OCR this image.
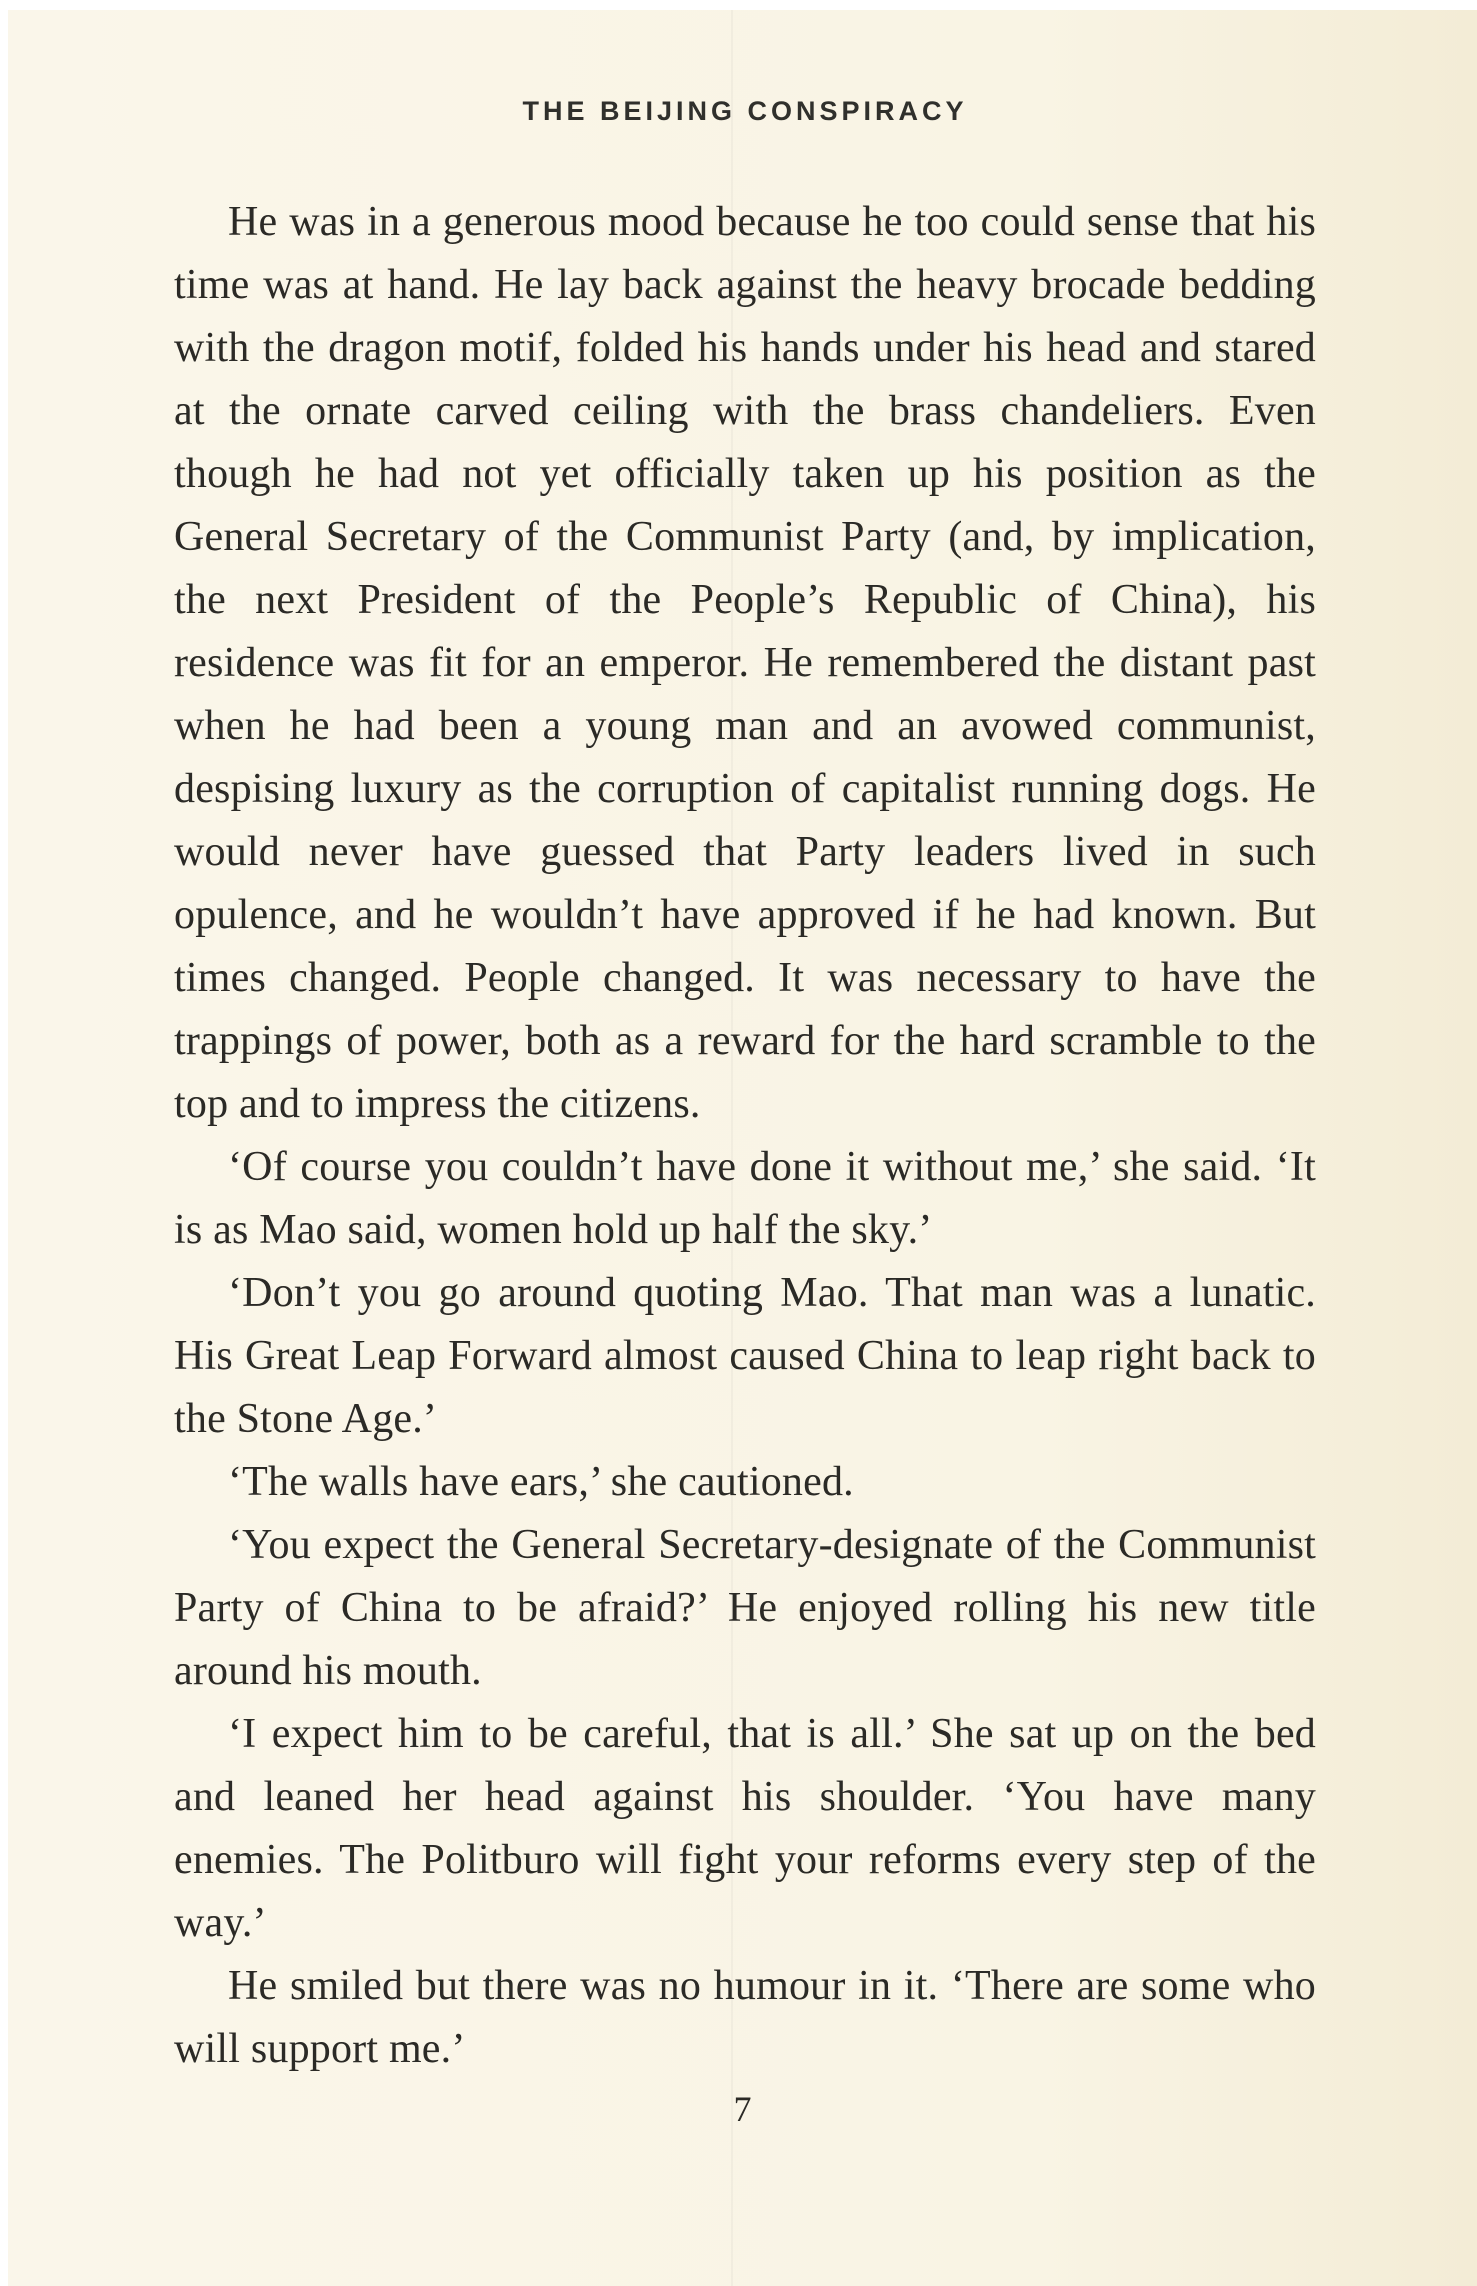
THE BEIJING CONSPIRACY

He was in a generous mood because he too could sense that his time was at hand. He lay back against the heavy brocade bedding with the dragon motif, folded his hands under his head and stared at the ornate carved ceiling with the brass chandeliers. Even though he had not yet officially taken up his position as the General Secretary of the Communist Party (and, by implication, the next President of the People’s Republic of China), his residence was fit for an emperor. He remembered the distant past when he had been a young man and an avowed communist, despising luxury as the corruption of capitalist running dogs. He would never have guessed that Party leaders lived in such opulence, and he wouldn’t have approved if he had known. But times changed. People changed. It was necessary to have the trappings of power, both as a reward for the hard scramble to the top and to impress the citizens.

‘Of course you couldn’t have done it without me,’ she said. ‘It is as Mao said, women hold up half the sky.’

‘Don’t you go around quoting Mao. That man was a lunatic. His Great Leap Forward almost caused China to leap right back to the Stone Age.’

‘The walls have ears,’ she cautioned.

‘You expect the General Secretary-designate of the Communist Party of China to be afraid?’ He enjoyed rolling his new title around his mouth.

‘I expect him to be careful, that is all.’ She sat up on the bed and leaned her head against his shoulder. ‘You have many enemies. The Politburo will fight your reforms every step of the way.’

He smiled but there was no humour in it. ‘There are some who will support me.’

7
